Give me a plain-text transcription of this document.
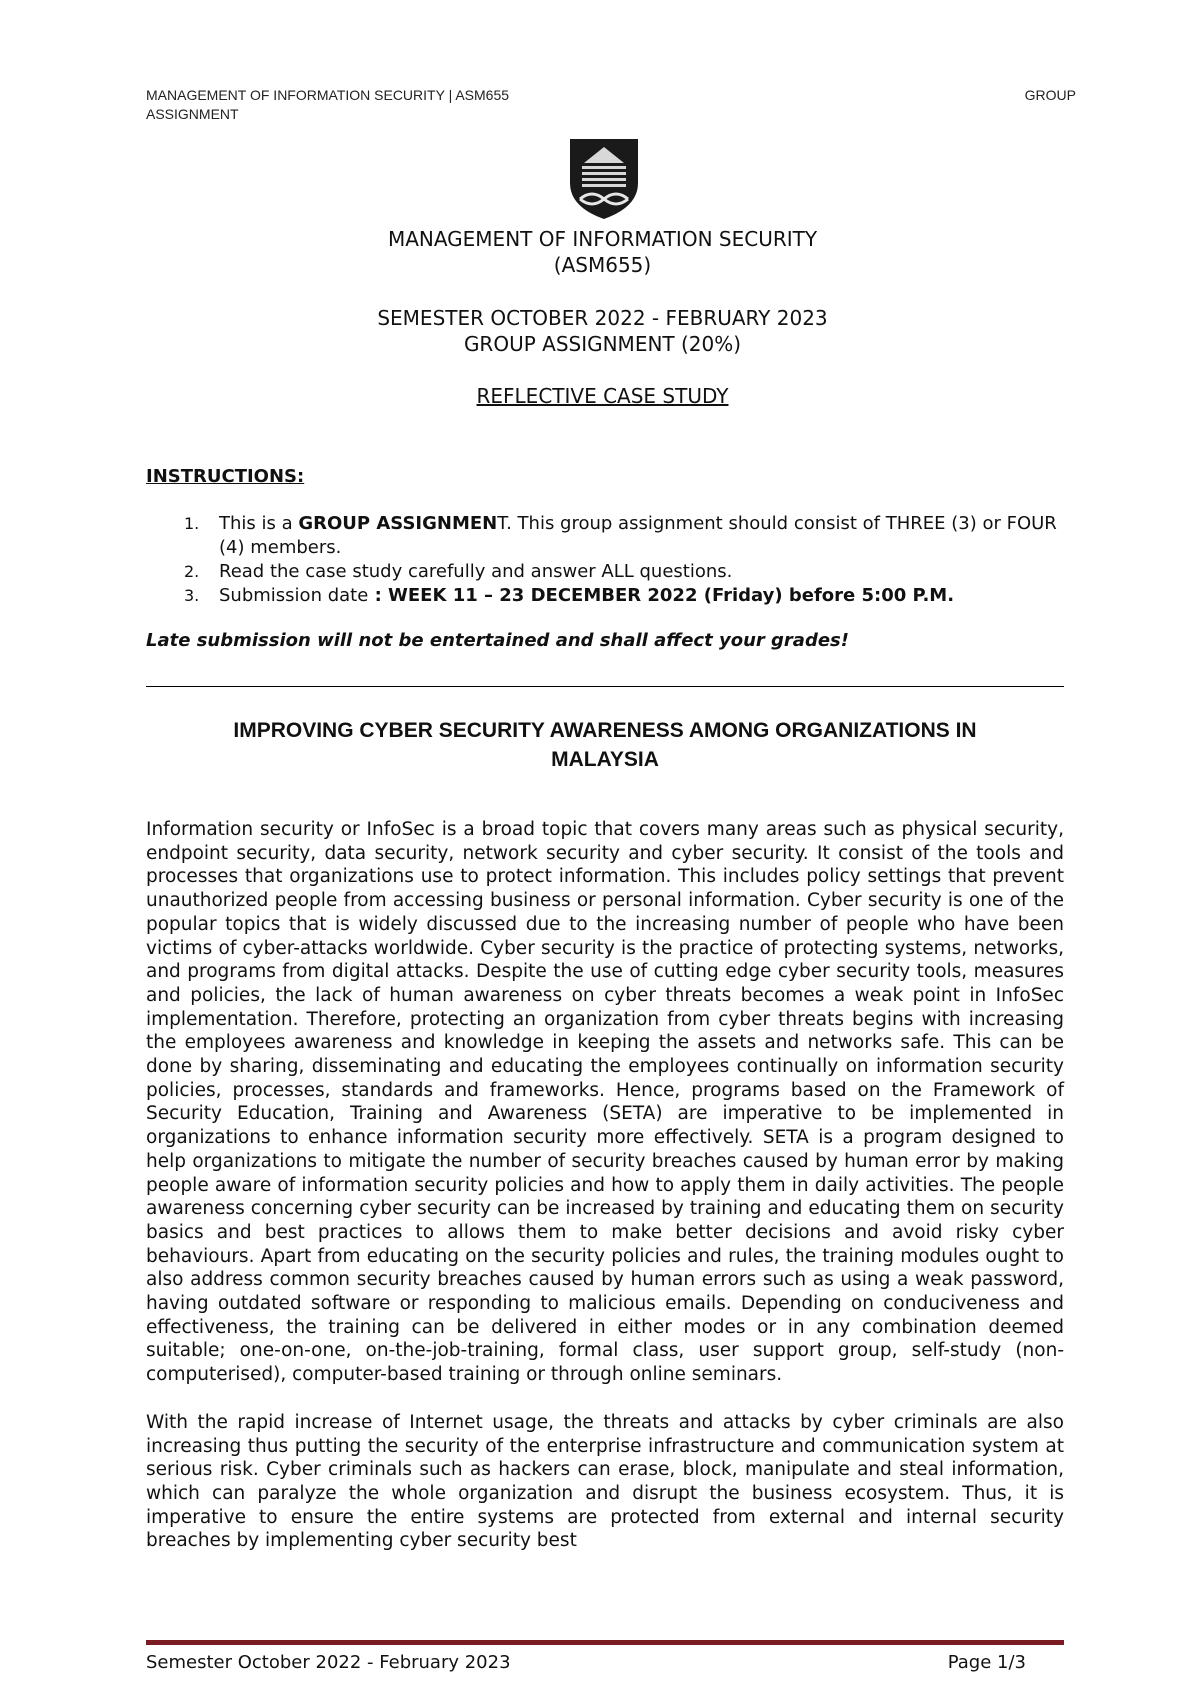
MANAGEMENT OF INFORMATION SECURITY | ASM655	GROUP
ASSIGNMENT
MANAGEMENT OF INFORMATION SECURITY
(ASM655)
SEMESTER OCTOBER 2022 - FEBRUARY 2023
GROUP ASSIGNMENT (20%)
REFLECTIVE CASE STUDY
INSTRUCTIONS:
1. This is a GROUP ASSIGNMENT. This group assignment should consist of THREE (3) or FOUR (4) members.
2. Read the case study carefully and answer ALL questions.
3. Submission date : WEEK 11 – 23 DECEMBER 2022 (Friday) before 5:00 P.M.
Late submission will not be entertained and shall affect your grades!
IMPROVING CYBER SECURITY AWARENESS AMONG ORGANIZATIONS IN
MALAYSIA

Information security or InfoSec is a broad topic that covers many areas such as physical security, endpoint security, data security, network security and cyber security. It consist of the tools and processes that organizations use to protect information. This includes policy settings that prevent unauthorized people from accessing business or personal information. Cyber security is one of the popular topics that is widely discussed due to the increasing number of people who have been victims of cyber-attacks worldwide. Cyber security is the practice of protecting systems, networks, and programs from digital attacks. Despite the use of cutting edge cyber security tools, measures and policies, the lack of human awareness on cyber threats becomes a weak point in InfoSec implementation. Therefore, protecting an organization from cyber threats begins with increasing the employees awareness and knowledge in keeping the assets and networks safe. This can be done by sharing, disseminating and educating the employees continually on information security policies, processes, standards and frameworks. Hence, programs based on the Framework of Security Education, Training and Awareness (SETA) are imperative to be implemented in organizations to enhance information security more effectively. SETA is a program designed to help organizations to mitigate the number of security breaches caused by human error by making people aware of information security policies and how to apply them in daily activities. The people awareness concerning cyber security can be increased by training and educating them on security basics and best practices to allows them to make better decisions and avoid risky cyber behaviours. Apart from educating on the security policies and rules, the training modules ought to also address common security breaches caused by human errors such as using a weak password, having outdated software or responding to malicious emails. Depending on conduciveness and effectiveness, the training can be delivered in either modes or in any combination deemed suitable; one-on-one, on-the-job-training, formal class, user support group, self-study (non-computerised), computer-based training or through online seminars.

With the rapid increase of Internet usage, the threats and attacks by cyber criminals are also increasing thus putting the security of the enterprise infrastructure and communication system at serious risk. Cyber criminals such as hackers can erase, block, manipulate and steal information, which can paralyze the whole organization and disrupt the business ecosystem. Thus, it is imperative to ensure the entire systems are protected from external and internal security breaches by implementing cyber security best

Semester October 2022 - February 2023	Page 1/3
